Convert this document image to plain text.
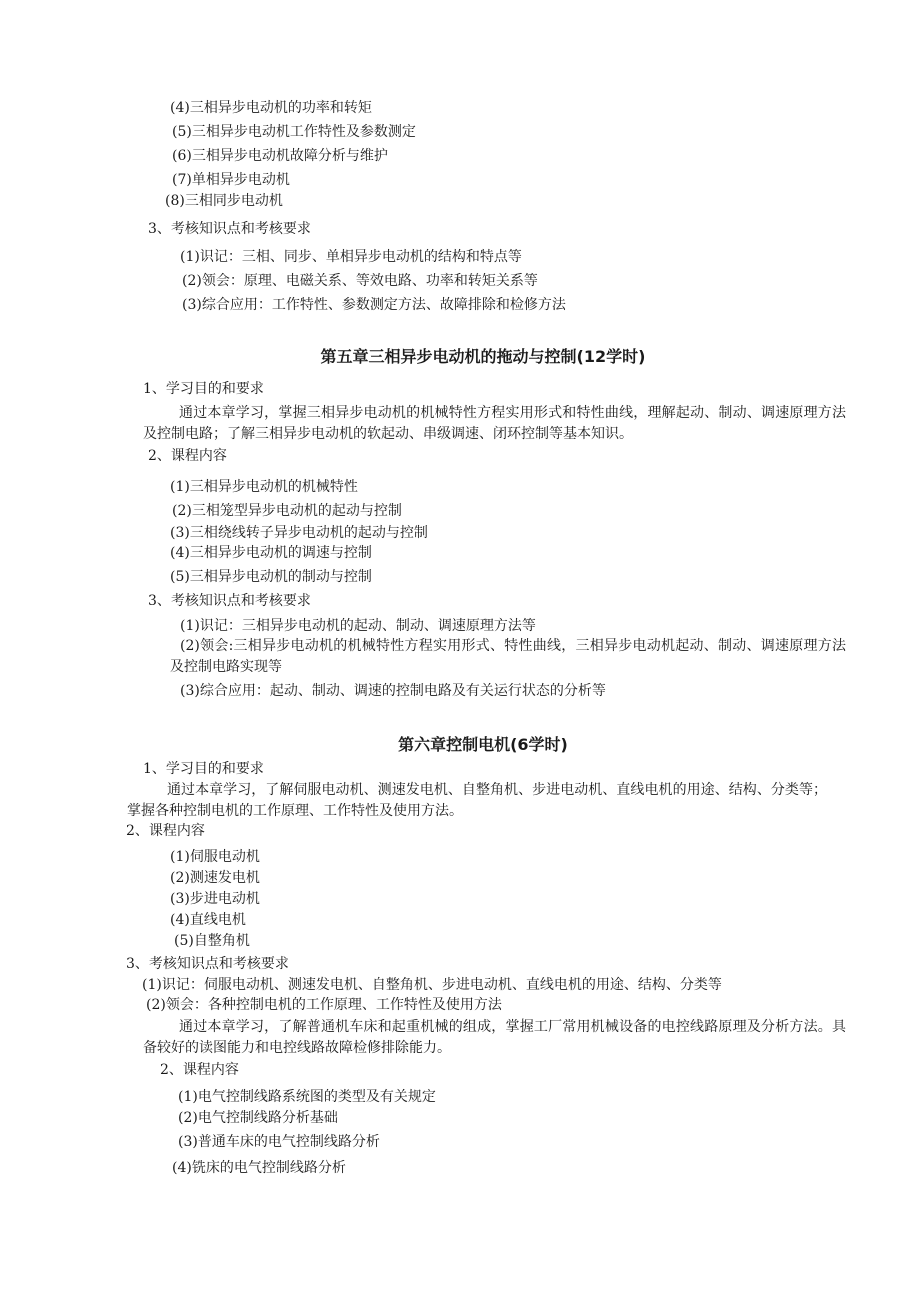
(4)三相异步电动机的功率和转矩

(5)三相异步电动机工作特性及参数测定

(6)三相异步电动机故障分析与维护

(7)单相异步电动机

(8)三相同步电动机

3、考核知识点和考核要求

(1)识记：三相、同步、单相异步电动机的结构和特点等

(2)领会：原理、电磁关系、等效电路、功率和转矩关系等

(3)综合应用：工作特性、参数测定方法、故障排除和检修方法

第五章三相异步电动机的拖动与控制(12学时)

1、学习目的和要求

通过本章学习，掌握三相异步电动机的机械特性方程实用形式和特性曲线，理解起动、制动、调速原理方法及控制电路；了解三相异步电动机的软起动、串级调速、闭环控制等基本知识。

2、课程内容

(1)三相异步电动机的机械特性

(2)三相笼型异步电动机的起动与控制

(3)三相绕线转子异步电动机的起动与控制

(4)三相异步电动机的调速与控制

(5)三相异步电动机的制动与控制

3、考核知识点和考核要求

(1)识记：三相异步电动机的起动、制动、调速原理方法等

(2)领会:三相异步电动机的机械特性方程实用形式、特性曲线，三相异步电动机起动、制动、调速原理方法及控制电路实现等

(3)综合应用：起动、制动、调速的控制电路及有关运行状态的分析等

第六章控制电机(6学时)

1、学习目的和要求

通过本章学习，了解伺服电动机、测速发电机、自整角机、步进电动机、直线电机的用途、结构、分类等；掌握各种控制电机的工作原理、工作特性及使用方法。

2、课程内容

(1)伺服电动机

(2)测速发电机

(3)步进电动机

(4)直线电机

(5)自整角机

3、考核知识点和考核要求

(1)识记：伺服电动机、测速发电机、自整角机、步进电动机、直线电机的用途、结构、分类等

(2)领会：各种控制电机的工作原理、工作特性及使用方法

通过本章学习，了解普通机车床和起重机械的组成，掌握工厂常用机械设备的电控线路原理及分析方法。具备较好的读图能力和电控线路故障检修排除能力。

2、课程内容

(1)电气控制线路系统图的类型及有关规定

(2)电气控制线路分析基础

(3)普通车床的电气控制线路分析

(4)铣床的电气控制线路分析
